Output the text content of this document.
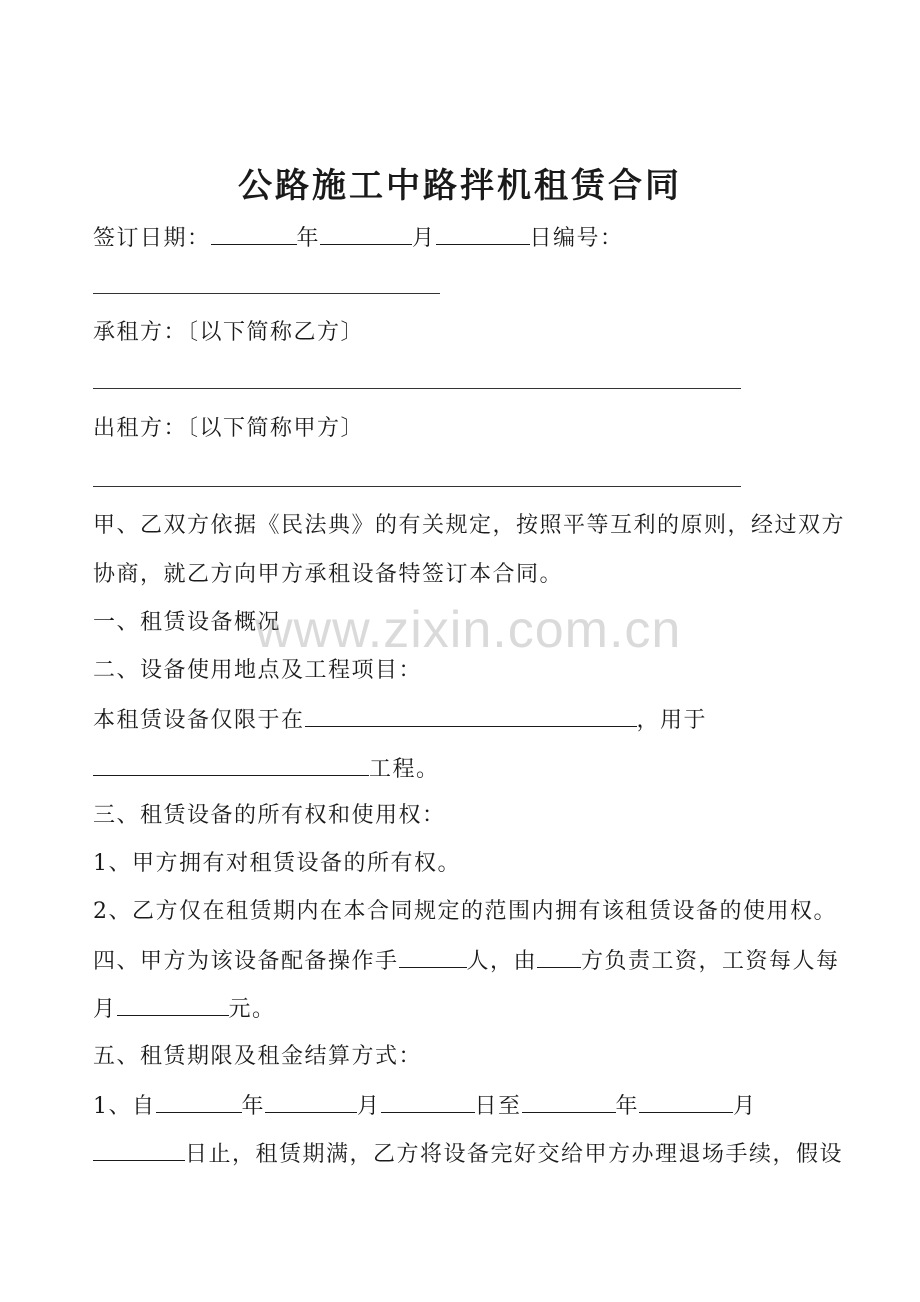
公路施工中路拌机租赁合同
签订日期：	年	月	日编号：
承租方：〔以下简称乙方〕
出租方：〔以下简称甲方〕
甲、乙双方依据《民法典》的有关规定，按照平等互利的原则，经过双方
协商，就乙方向甲方承租设备特签订本合同。
一、租赁设备概况
二、设备使用地点及工程项目：
本租赁设备仅限于在	，用于
工程。
三、租赁设备的所有权和使用权：
1、甲方拥有对租赁设备的所有权。
2、乙方仅在租赁期内在本合同规定的范围内拥有该租赁设备的使用权。
四、甲方为该设备配备操作手	人，由 方负责工资，工资每人每
月	元。
五、租赁期限及租金结算方式：
1、自	年	月	日至	年	月
日止，租赁期满，乙方将设备完好交给甲方办理退场手续，假设
www.zixin.com.cn
